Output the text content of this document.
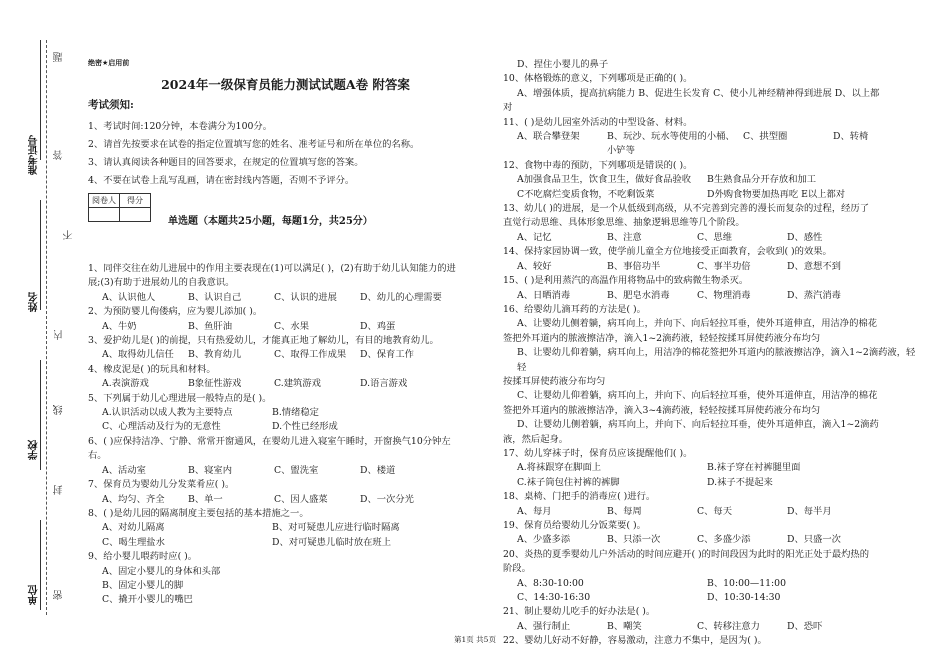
准考证号
姓名
学校
单位
题
答
不
内
线
封
密
绝密★启用前
2024年一级保育员能力测试试题A卷 附答案
考试须知:
1、考试时间:120分钟，本卷满分为100分。
2、请首先按要求在试卷的指定位置填写您的姓名、准考证号和所在单位的名称。
3、请认真阅读各种题目的回答要求，在规定的位置填写您的答案。
4、不要在试卷上乱写乱画，请在密封线内答题，否则不予评分。
阅卷人	得分

单选题（本题共25小题，每题1分，共25分）
1、同伴交往在幼儿进展中的作用主要表现在(1)可以满足( )，(2)有助于幼儿认知能力的进
展;(3)有助于进展幼儿的自我意识。
A、认识他人	B、认识自己	C、认识的进展	D、幼儿的心理需要
2、为预防婴儿佝偻病，应为婴儿添加( )。
A、牛奶	B、鱼肝油	C、水果	D、鸡蛋
3、爱护幼儿是( )的前提，只有热爱幼儿，才能真正地了解幼儿，有目的地教育幼儿。
A、取得幼儿信任	B、教育幼儿	C、取得工作成果	D、保育工作
4、橡皮泥是( )的玩具和材料。
A.表演游戏	B象征性游戏	C.建筑游戏	D.语言游戏
5、下列属于幼儿心理进展一般特点的是( )。
A.认识活动以成人教为主要特点	B.情绪稳定
C、心理活动及行为的无意性	D.个性已经形成
6、( )应保持洁净、宁静、常常开窗通风，在婴幼儿进入寝室午睡时，开窗换气10分钟左
右。
A、活动室	B、寝室内	C、盥洗室	D、楼道
7、保育员为婴幼儿分发菜肴应( )。
A、均匀、齐全	B、单一	C、因人盛菜	D、一次分光
8、( )是幼儿园的隔离制度主要包括的基本措施之一。
A、对幼儿隔离	B、对可疑患儿应进行临时隔离
C、喝生理盐水	D、对可疑患儿临时放在班上
9、给小婴儿喂药时应( )。
A、固定小婴儿的身体和头部
B、固定小婴儿的脚
C、撬开小婴儿的嘴巴
D、捏住小婴儿的鼻子
10、体格锻炼的意义，下列哪项是正确的( )。
A、增强体质，提高抗病能力 B、促进生长发育 C、使小儿神经精神得到进展 D、以上都
对
11、( )是幼儿园室外活动的中型设备、材料。
A、联合攀登架	B、玩沙、玩水等使用的小桶、小铲等
C、拱型圈	D、转椅
12、食物中毒的预防，下列哪项是错误的( )。
A加强食品卫生，饮食卫生，做好食品验收	B生熟食品分开存放和加工
C不吃腐烂变质食物，不吃剩饭菜	D外购食物要加热再吃 E以上都对
13、幼儿( )的进展，是一个从低级到高级，从不完善到完善的漫长而复杂的过程，经历了
直觉行动思维、具体形象思维、抽象逻辑思维等几个阶段。
A、记忆	B、注意	C、思维	D、感性
14、保持家园协调一致，使学前儿童全方位地接受正面教育，会收到( )的效果。
A、较好	B、事倍功半	C、事半功倍	D、意想不到
15、( )是利用蒸汽的高温作用将物品中的致病微生物杀灭。
A、日晒消毒	B、肥皂水消毒	C、物理消毒	D、蒸汽消毒
16、给婴幼儿滴耳药的方法是( )。
A、让婴幼儿侧着躺，病耳向上，并向下、向后轻拉耳垂，使外耳道伸直，用洁净的棉花
签把外耳道内的脓液擦洁净，滴入1~2滴药液，轻轻按揉耳屏使药液分布均匀
B、让婴幼儿仰着躺，病耳向上，用洁净的棉花签把外耳道内的脓液擦洁净，滴入1~2滴药液，轻轻
按揉耳屏使药液分布均匀
C、让婴幼儿仰着躺，病耳向上，并向下、向后轻拉耳垂，使外耳道伸直，用洁净的棉花
签把外耳道内的脓液擦洁净，滴入3~4滴药液，轻轻按揉耳屏使药液分布均匀
D、让婴幼儿侧着躺，病耳向上，并向下、向后轻拉耳垂，使外耳道伸直，滴入1~2滴药
液，然后起身。
17、幼儿穿袜子时，保育员应该提醒他们( )。
A.将袜跟穿在脚面上	B.袜子穿在衬裤腿里面
C.袜子筒包住衬裤的裤脚	D.袜子不提起来
18、桌椅、门把手的消毒应( )进行。
A、每月	B、每周	C、每天	D、每半月
19、保育员给婴幼儿分饭菜要( )。
A、少盛多添	B、只添一次	C、多盛少添	D、只盛一次
20、炎热的夏季婴幼儿户外活动的时间应避开( )的时间段因为此时的阳光正处于最灼热的
阶段。
A、8:30-10:00	B、10:00—11:00
C、14:30-16:30	D、10:30-14:30
21、制止婴幼儿吃手的好办法是( )。
A、强行制止	B、嘲笑	C、转移注意力	D、恐吓
22、婴幼儿好动不好静，容易激动，注意力不集中，是因为( )。
第1页 共5页
